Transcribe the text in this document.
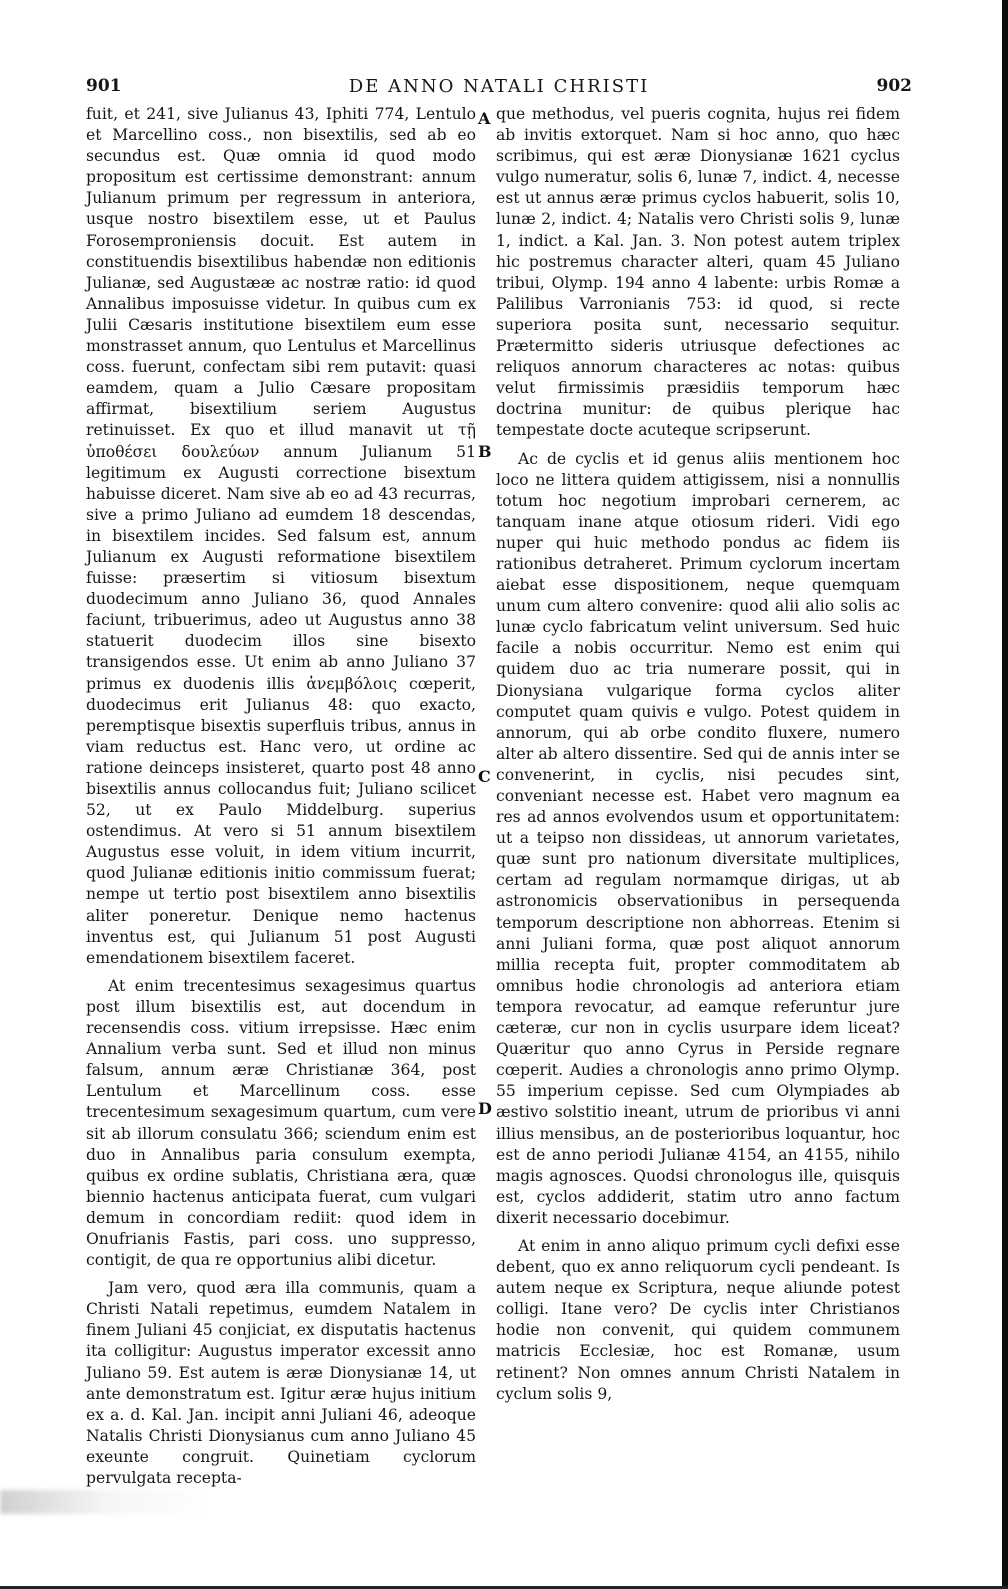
901	DE ANNO NATALI CHRISTI	902

fuit, et 241, sive Julianus 43, Iphiti 774, Lentulo et Marcellino coss., non bisextilis, sed ab eo secundus est. Quæ omnia id quod modo propositum est certissime demonstrant: annum Julianum primum per regressum in anteriora, usque nostro bisextilem esse, ut et Paulus Forosemproniensis docuit. Est autem in constituendis bisextilibus habendæ non editionis Julianæ, sed Augustææ ac nostræ ratio: id quod Annalibus imposuisse videtur. In quibus cum ex Julii Cæsaris institutione bisextilem eum esse monstrasset annum, quo Lentulus et Marcellinus coss. fuerunt, confectam sibi rem putavit: quasi eamdem, quam a Julio Cæsare propositam affirmat, bisextilium seriem Augustus retinuisset. Ex quo et illud manavit ut τῇ ὑποθέσει δουλεύων annum Julianum 51 legitimum ex Augusti correctione bisextum habuisse diceret. Nam sive ab eo ad 43 recurras, sive a primo Juliano ad eumdem 18 descendas, in bisextilem incides. Sed falsum est, annum Julianum ex Augusti reformatione bisextilem fuisse: præsertim si vitiosum bisextum duodecimum anno Juliano 36, quod Annales faciunt, tribuerimus, adeo ut Augustus anno 38 statuerit duodecim illos sine bisexto transigendos esse. Ut enim ab anno Juliano 37 primus ex duodenis illis ἀνεμβόλοις cœperit, duodecimus erit Julianus 48: quo exacto, peremptisque bisextis superfluis tribus, annus in viam reductus est. Hanc vero, ut ordine ac ratione deinceps insisteret, quarto post 48 anno bisextilis annus collocandus fuit; Juliano scilicet 52, ut ex Paulo Middelburg. superius ostendimus. At vero si 51 annum bisextilem Augustus esse voluit, in idem vitium incurrit, quod Julianæ editionis initio commissum fuerat; nempe ut tertio post bisextilem anno bisextilis aliter poneretur. Denique nemo hactenus inventus est, qui Julianum 51 post Augusti emendationem bisextilem faceret.

At enim trecentesimus sexagesimus quartus post illum bisextilis est, aut docendum in recensendis coss. vitium irrepsisse. Hæc enim Annalium verba sunt. Sed et illud non minus falsum, annum æræ Christianæ 364, post Lentulum et Marcellinum coss. esse trecentesimum sexagesimum quartum, cum vere sit ab illorum consulatu 366; sciendum enim est duo in Annalibus paria consulum exempta, quibus ex ordine sublatis, Christiana æra, quæ biennio hactenus anticipata fuerat, cum vulgari demum in concordiam rediit: quod idem in Onufrianis Fastis, pari coss. uno suppresso, contigit, de qua re opportunius alibi dicetur.

Jam vero, quod æra illa communis, quam a Christi Natali repetimus, eumdem Natalem in finem Juliani 45 conjiciat, ex disputatis hactenus ita colligitur: Augustus imperator excessit anno Juliano 59. Est autem is æræ Dionysianæ 14, ut ante demonstratum est. Igitur æræ hujus initium ex a. d. Kal. Jan. incipit anni Juliani 46, adeoque Natalis Christi Dionysianus cum anno Juliano 45 exeunte congruit. Quinetiam cyclorum pervulgata recepta-

A
B
C
D

que methodus, vel pueris cognita, hujus rei fidem ab invitis extorquet. Nam si hoc anno, quo hæc scribimus, qui est æræ Dionysianæ 1621 cyclus vulgo numeratur, solis 6, lunæ 7, indict. 4, necesse est ut annus æræ primus cyclos habuerit, solis 10, lunæ 2, indict. 4; Natalis vero Christi solis 9, lunæ 1, indict. a Kal. Jan. 3. Non potest autem triplex hic postremus character alteri, quam 45 Juliano tribui, Olymp. 194 anno 4 labente: urbis Romæ a Palilibus Varronianis 753: id quod, si recte superiora posita sunt, necessario sequitur. Prætermitto sideris utriusque defectiones ac reliquos annorum characteres ac notas: quibus velut firmissimis præsidiis temporum hæc doctrina munitur: de quibus plerique hac tempestate docte acuteque scripserunt.

Ac de cyclis et id genus aliis mentionem hoc loco ne littera quidem attigissem, nisi a nonnullis totum hoc negotium improbari cernerem, ac tanquam inane atque otiosum rideri. Vidi ego nuper qui huic methodo pondus ac fidem iis rationibus detraheret. Primum cyclorum incertam aiebat esse dispositionem, neque quemquam unum cum altero convenire: quod alii alio solis ac lunæ cyclo fabricatum velint universum. Sed huic facile a nobis occurritur. Nemo est enim qui quidem duo ac tria numerare possit, qui in Dionysiana vulgarique forma cyclos aliter computet quam quivis e vulgo. Potest quidem in annorum, qui ab orbe condito fluxere, numero alter ab altero dissentire. Sed qui de annis inter se convenerint, in cyclis, nisi pecudes sint, conveniant necesse est. Habet vero magnum ea res ad annos evolvendos usum et opportunitatem: ut a teipso non dissideas, ut annorum varietates, quæ sunt pro nationum diversitate multiplices, certam ad regulam normamque dirigas, ut ab astronomicis observationibus in persequenda temporum descriptione non abhorreas. Etenim si anni Juliani forma, quæ post aliquot annorum millia recepta fuit, propter commoditatem ab omnibus hodie chronologis ad anteriora etiam tempora revocatur, ad eamque referuntur jure cæteræ, cur non in cyclis usurpare idem liceat? Quæritur quo anno Cyrus in Perside regnare cœperit. Audies a chronologis anno primo Olymp. 55 imperium cepisse. Sed cum Olympiades ab æstivo solstitio ineant, utrum de prioribus vi anni illius mensibus, an de posterioribus loquantur, hoc est de anno periodi Julianæ 4154, an 4155, nihilo magis agnosces. Quodsi chronologus ille, quisquis est, cyclos addiderit, statim utro anno factum dixerit necessario docebimur.

At enim in anno aliquo primum cycli defixi esse debent, quo ex anno reliquorum cycli pendeant. Is autem neque ex Scriptura, neque aliunde potest colligi. Itane vero? De cyclis inter Christianos hodie non convenit, qui quidem communem matricis Ecclesiæ, hoc est Romanæ, usum retinent? Non omnes annum Christi Natalem in cyclum solis 9,
